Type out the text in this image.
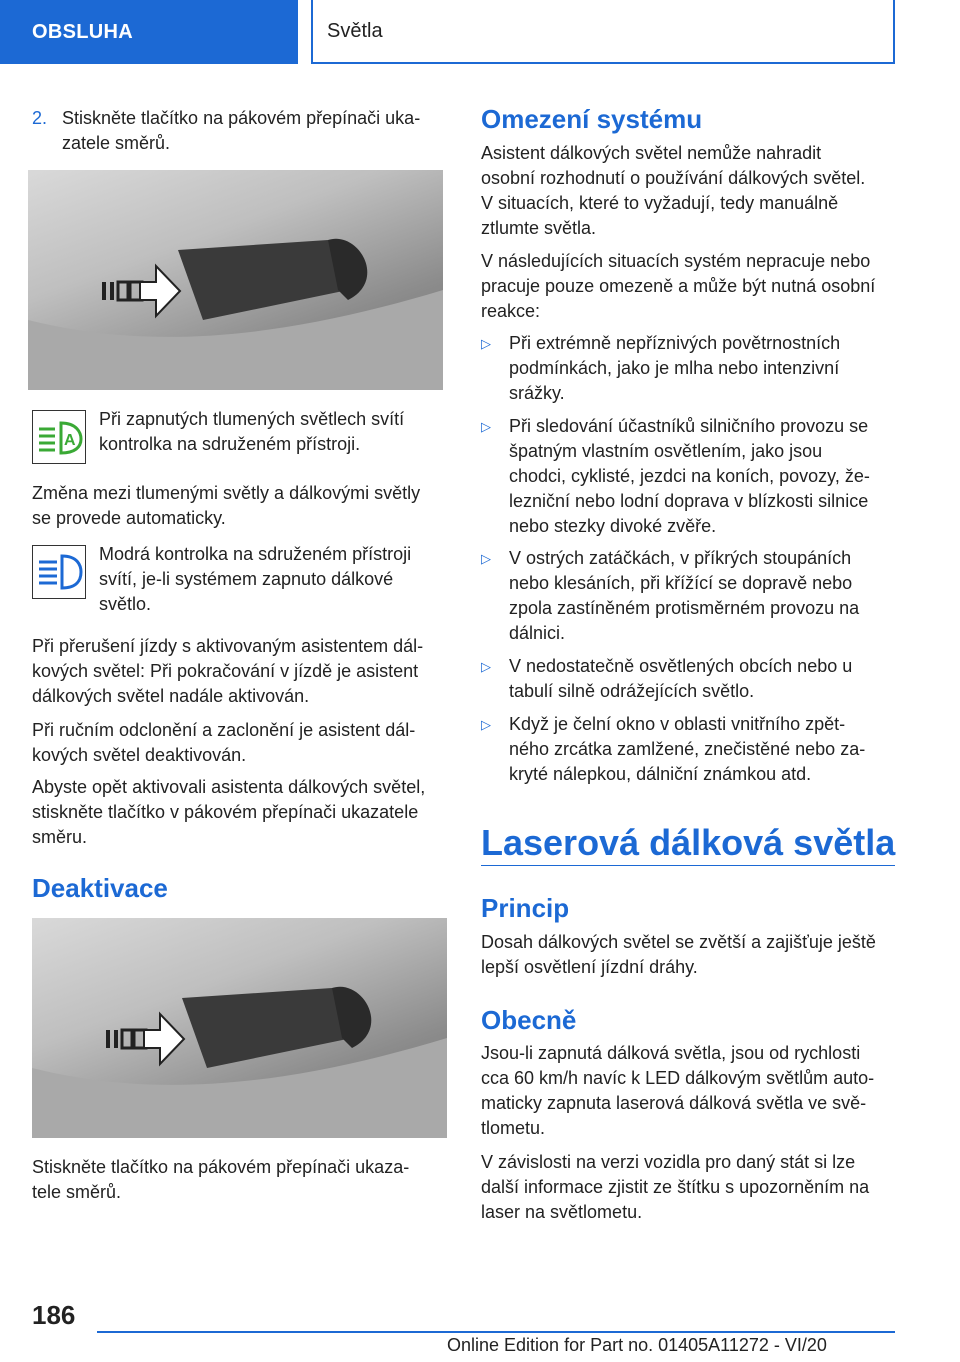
OBSLUHA	Světla
2. Stiskněte tlačítko na pákovém přepínači uka-
zatele směrů.
A
Při zapnutých tlumených světlech svítí
kontrolka na sdruženém přístroji.
Změna mezi tlumenými světly a dálkovými světly
se provede automaticky.
Modrá kontrolka na sdruženém přístroji
svítí, je-li systémem zapnuto dálkové
světlo.
Při přerušení jízdy s aktivovaným asistentem dál-
kových světel: Při pokračování v jízdě je asistent
dálkových světel nadále aktivován.
Při ručním odclonění a zaclonění je asistent dál-
kových světel deaktivován.
Abyste opět aktivovali asistenta dálkových světel,
stiskněte tlačítko v pákovém přepínači ukazatele
směru.
Deaktivace
Stiskněte tlačítko na pákovém přepínači ukaza-
tele směrů.
Omezení systému
Asistent dálkových světel nemůže nahradit
osobní rozhodnutí o používání dálkových světel.
V situacích, které to vyžadují, tedy manuálně
ztlumte světla.
V následujících situacích systém nepracuje nebo
pracuje pouze omezeně a může být nutná osobní
reakce:
▷ Při extrémně nepříznivých povětrnostních
podmínkách, jako je mlha nebo intenzivní
srážky.
▷ Při sledování účastníků silničního provozu se
špatným vlastním osvětlením, jako jsou
chodci, cyklisté, jezdci na koních, povozy, že-
lezniční nebo lodní doprava v blízkosti silnice
nebo stezky divoké zvěře.
▷ V ostrých zatáčkách, v příkrých stoupáních
nebo klesáních, při křížící se dopravě nebo
zpola zastíněném protisměrném provozu na
dálnici.
▷ V nedostatečně osvětlených obcích nebo u
tabulí silně odrážejících světlo.
▷ Když je čelní okno v oblasti vnitřního zpět-
ného zrcátka zamlžené, znečistěné nebo za-
kryté nálepkou, dálniční známkou atd.
Laserová dálková světla
Princip
Dosah dálkových světel se zvětší a zajišťuje ještě
lepší osvětlení jízdní dráhy.
Obecně
Jsou-li zapnutá dálková světla, jsou od rychlosti
cca 60 km/h navíc k LED dálkovým světlům auto-
maticky zapnuta laserová dálková světla ve svě-
tlometu.
V závislosti na verzi vozidla pro daný stát si lze
další informace zjistit ze štítku s upozorněním na
laser na světlometu.
186
Online Edition for Part no. 01405A11272 - VI/20
